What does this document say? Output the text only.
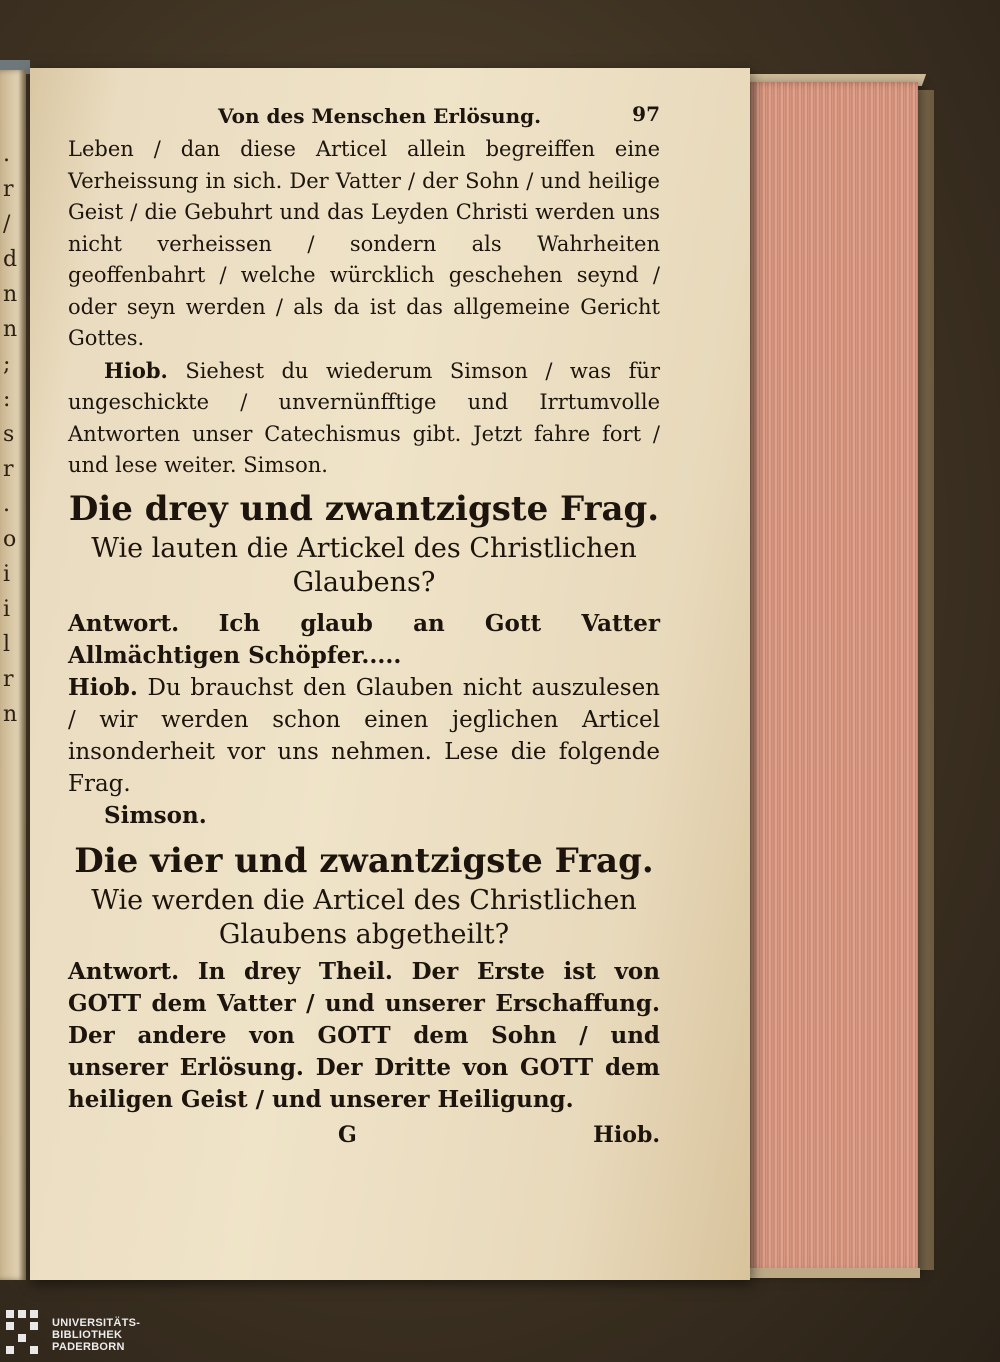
.
r
/
d
n
n
;
:
s
r
.
o
i
i
l
r
n
Von des Menschen Erlösung.	97

Leben / dan diese Articel allein begreiffen eine Verheissung in sich. Der Vatter / der Sohn / und heilige Geist / die Gebuhrt und das Leyden Christi werden uns nicht verheissen / sondern als Wahrheiten geoffenbahrt / welche würcklich geschehen seynd / oder seyn werden / als da ist das allgemeine Gericht Gottes.

Hiob. Siehest du wiederum Simson / was für ungeschickte / unvernünfftige und Irrtumvolle Antworten unser Catechismus gibt. Jetzt fahre fort / und lese weiter. Simson.

Die drey und zwantzigste Frag.

Wie lauten die Artickel des Christlichen Glaubens?

Antwort. Ich glaub an Gott Vatter Allmächtigen Schöpfer.....

Hiob. Du brauchst den Glauben nicht auszulesen / wir werden schon einen jeglichen Articel insonderheit vor uns nehmen. Lese die folgende Frag.

Simson.

Die vier und zwantzigste Frag.

Wie werden die Articel des Christlichen Glaubens abgetheilt?

Antwort. In drey Theil. Der Erste ist von GOTT dem Vatter / und unserer Erschaffung. Der andere von GOTT dem Sohn / und unserer Erlösung. Der Dritte von GOTT dem heiligen Geist / und unserer Heiligung.

G	Hiob.
UNIVERSITÄTS-
BIBLIOTHEK
PADERBORN
